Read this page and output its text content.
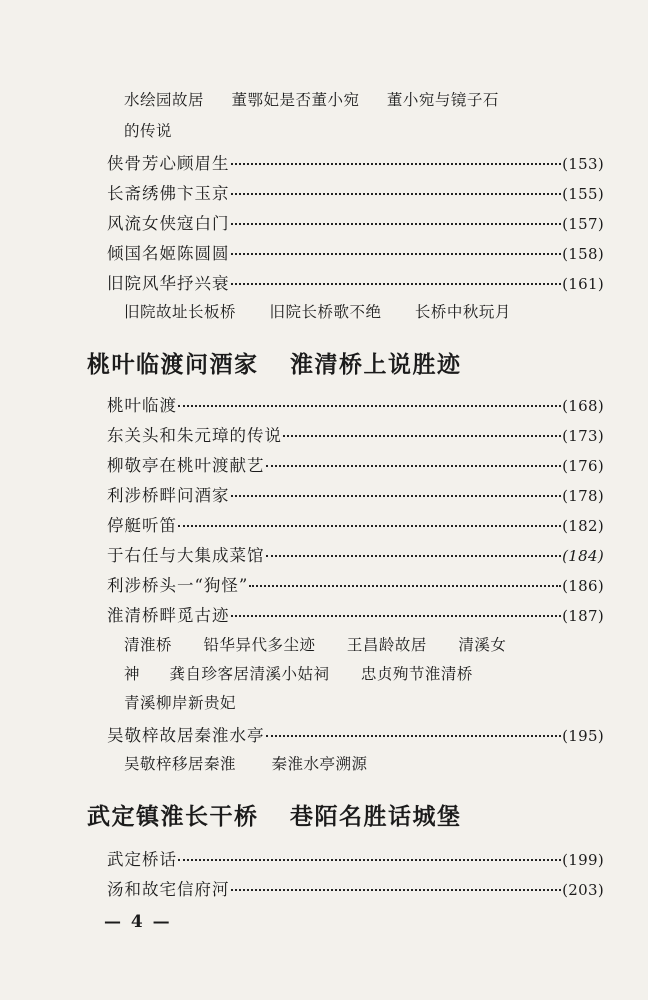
水绘园故居 董鄂妃是否董小宛 董小宛与镜子石
的传说
侠骨芳心顾眉生	(153)
长斋绣佛卞玉京	(155)
风流女侠寇白门	(157)
倾国名姬陈圆圆	(158)
旧院风华抒兴衰	(161)
旧院故址长板桥 旧院长桥歌不绝 长桥中秋玩月
桃叶临渡问酒家 淮清桥上说胜迹
桃叶临渡	(168)
东关头和朱元璋的传说	(173)
柳敬亭在桃叶渡献艺	(176)
利涉桥畔问酒家	(178)
停艇听笛	(182)
于右任与大集成菜馆	(184)
利涉桥头一“狗怪”	(186)
淮清桥畔觅古迹	(187)
清淮桥 铅华异代多尘迹 王昌龄故居 清溪女
神 龚自珍客居清溪小姑祠 忠贞殉节淮清桥
青溪柳岸新贵妃
吴敬梓故居秦淮水亭	(195)
吴敬梓移居秦淮 秦淮水亭溯源
武定镇淮长干桥 巷陌名胜话城堡
武定桥话	(199)
汤和故宅信府河	(203)
— 4 —
